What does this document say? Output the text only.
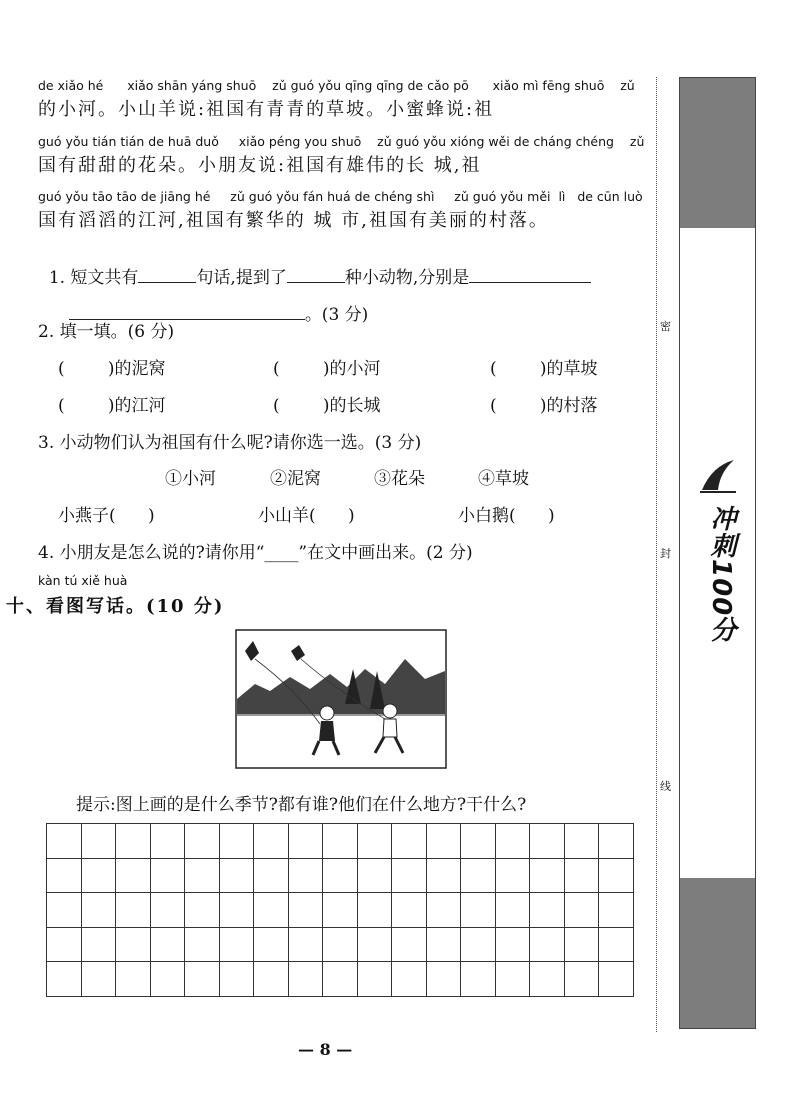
de xiǎo hé      xiǎo shān yáng shuō    zǔ guó yǒu qīng qīng de cǎo pō      xiǎo mì fēng shuō    zǔ
的小河。小山羊说:祖国有青青的草坡。小蜜蜂说:祖
guó yǒu tián tián de huā duǒ     xiǎo péng you shuō    zǔ guó yǒu xióng wěi de cháng chéng    zǔ
国有甜甜的花朵。小朋友说:祖国有雄伟的长 城,祖
guó yǒu tāo tāo de jiāng hé     zǔ guó yǒu fán huá de chéng shì     zǔ guó yǒu měi  lì   de cūn luò
国有滔滔的江河,祖国有繁华的 城 市,祖国有美丽的村落。

1. 短文共有	句话,提到了	种小动物,分别是

。(3 分)

2. 填一填。(6 分)
(        )的泥窝	(        )的小河	(        )的草坡
(        )的江河	(        )的长城	(        )的村落
3. 小动物们认为祖国有什么呢?请你选一选。(3 分)
①小河	②泥窝	③花朵	④草坡
小燕子(      )	小山羊(      )	小白鹅(      )
4. 小朋友是怎么说的?请你用“____”在文中画出来。(2 分)
kàn tú xiě huà
十、看图写话。(10 分)
提示:图上画的是什么季节?都有谁?他们在什么地方?干什么?

— 8 —
密
封
线
冲刺100分
